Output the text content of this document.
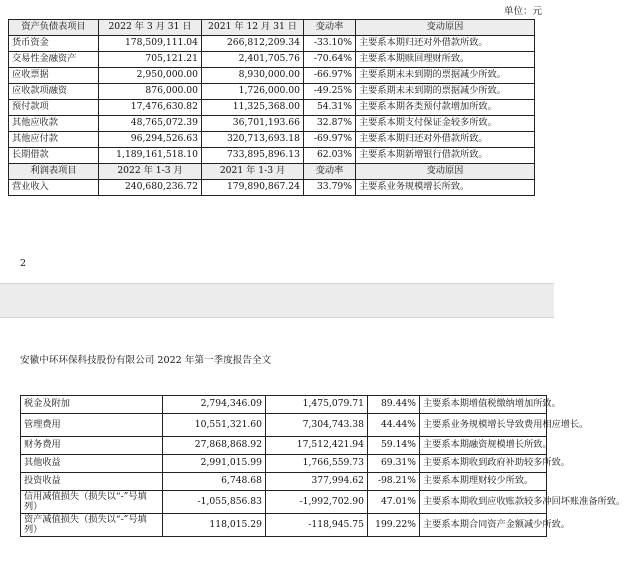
单位：元
资产负债表项目	2022 年 3 月 31 日	2021 年 12 月 31 日	变动率	变动原因
货币资金	178,509,111.04	266,812,209.34	-33.10%	主要系本期归还对外借款所致。
交易性金融资产	705,121.21	2,401,705.76	-70.64%	主要系本期赎回理财所致。
应收票据	2,950,000.00	8,930,000.00	-66.97%	主要系期末未到期的票据减少所致。
应收款项融资	876,000.00	1,726,000.00	-49.25%	主要系期末未到期的票据减少所致。
预付款项	17,476,630.82	11,325,368.00	54.31%	主要系本期各类预付款增加所致。
其他应收款	48,765,072.39	36,701,193.66	32.87%	主要系本期支付保证金较多所致。
其他应付款	96,294,526.63	320,713,693.18	-69.97%	主要系本期归还对外借款所致。
长期借款	1,189,161,518.10	733,895,896.13	62.03%	主要系本期新增银行借款所致。
利润表项目	2022 年 1-3 月	2021 年 1-3 月	变动率	变动原因
营业收入	240,680,236.72	179,890,867.24	33.79%	主要系业务规模增长所致。
2
安徽中环环保科技股份有限公司 2022 年第一季度报告全文
税金及附加	2,794,346.09	1,475,079.71	89.44%	主要系本期增值税缴纳增加所致。
管理费用	10,551,321.60	7,304,743.38	44.44%	主要系业务规模增长导致费用相应增长。
财务费用	27,868,868.92	17,512,421.94	59.14%	主要系本期融资规模增长所致。
其他收益	2,991,015.99	1,766,559.73	69.31%	主要系本期收到政府补助较多所致。
投资收益	6,748.68	377,994.62	-98.21%	主要系本期理财较少所致。
信用减值损失（损失以“-”号填列）	-1,055,856.83	-1,992,702.90	47.01%	主要系本期收到应收账款较多冲回坏账准备所致。
资产减值损失（损失以“-”号填列）	118,015.29	-118,945.75	199.22%	主要系本期合同资产金额减少所致。
